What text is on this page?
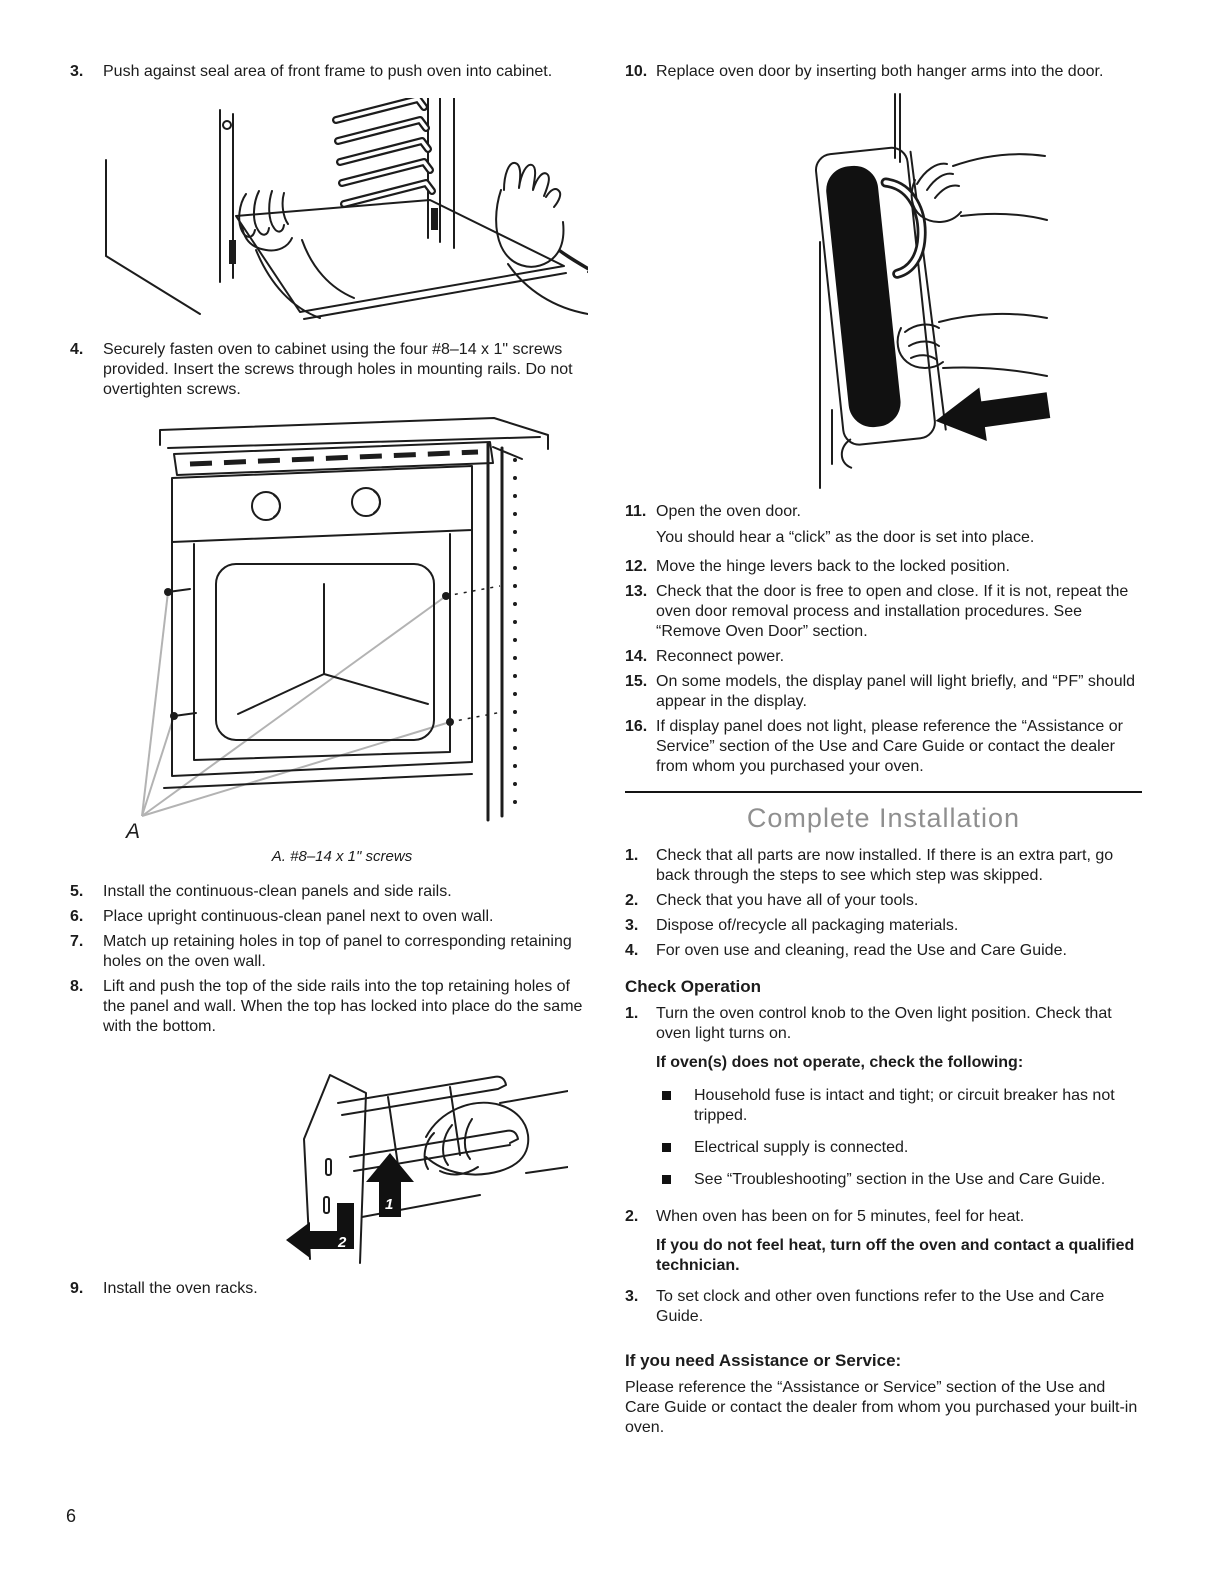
3.	Push against seal area of front frame to push oven into cabinet.
4.	Securely fasten oven to cabinet using the four #8–14 x 1" screws provided. Insert the screws through holes in mounting rails. Do not overtighten screws.
A
A. #8–14 x 1" screws
5.	Install the continuous-clean panels and side rails.
6.	Place upright continuous-clean panel next to oven wall.
7.	Match up retaining holes in top of panel to corresponding retaining holes on the oven wall.
8.	Lift and push the top of the side rails into the top retaining holes of the panel and wall. When the top has locked into place do the same with the bottom.
1
2
9.	Install the oven racks.
10. Replace oven door by inserting both hanger arms into the door.
11. Open the oven door.
You should hear a “click” as the door is set into place.
12. Move the hinge levers back to the locked position.
13. Check that the door is free to open and close. If it is not, repeat the oven door removal process and installation procedures. See “Remove Oven Door” section.
14. Reconnect power.
15. On some models, the display panel will light briefly, and “PF” should appear in the display.
16. If display panel does not light, please reference the “Assistance or Service” section of the Use and Care Guide or contact the dealer from whom you purchased your oven.
Complete Installation
1.	Check that all parts are now installed. If there is an extra part, go back through the steps to see which step was skipped.
2.	Check that you have all of your tools.
3.	Dispose of/recycle all packaging materials.
4.	For oven use and cleaning, read the Use and Care Guide.
Check Operation
1.	Turn the oven control knob to the Oven light position. Check that oven light turns on.
If oven(s) does not operate, check the following:
Household fuse is intact and tight; or circuit breaker has not tripped.
Electrical supply is connected.
See “Troubleshooting” section in the Use and Care Guide.
2.	When oven has been on for 5 minutes, feel for heat.
If you do not feel heat, turn off the oven and contact a qualified technician.
3.	To set clock and other oven functions refer to the Use and Care Guide.
If you need Assistance or Service:

Please reference the “Assistance or Service” section of the Use and Care Guide or contact the dealer from whom you purchased your built-in oven.

6
